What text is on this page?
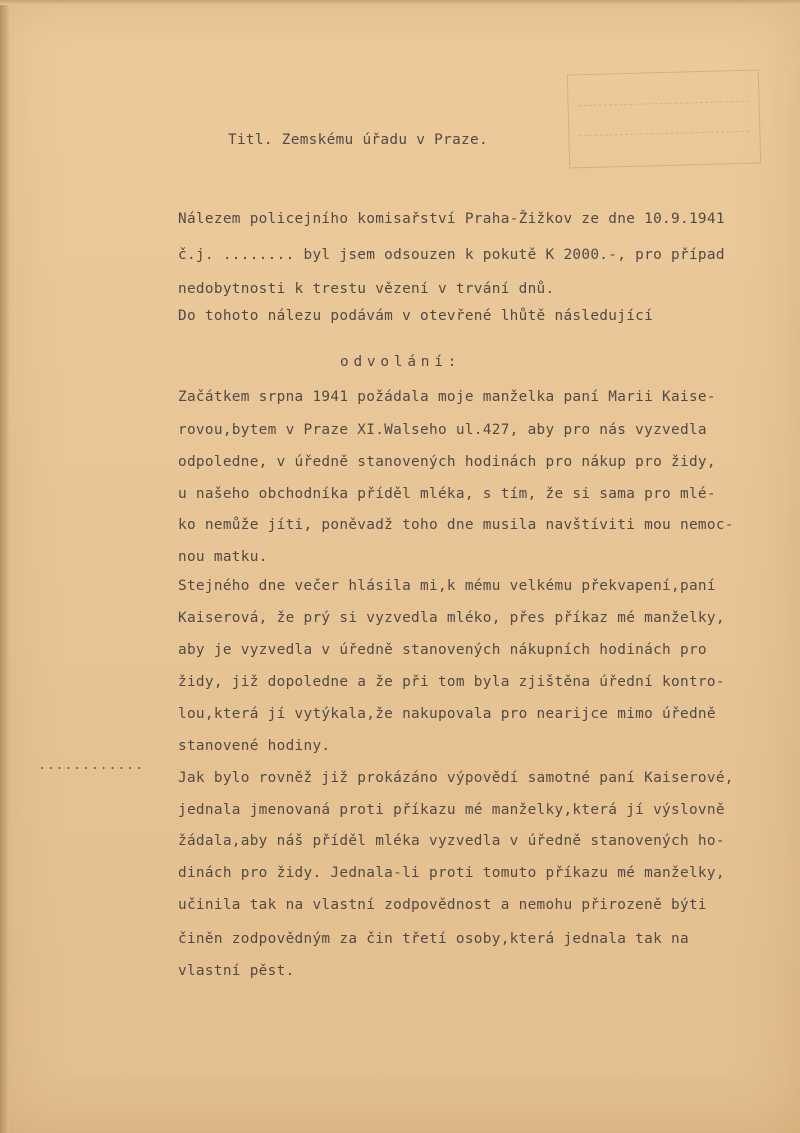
Titl. Zemskému úřadu v Praze.
Nálezem policejního komisařství Praha-Žižkov ze dne 10.9.1941
č.j. ........ byl jsem odsouzen k pokutě K 2000.-, pro případ
nedobytnosti k trestu vězení v trvání dnů.
Do tohoto nálezu podávám v otevřené lhůtě následující
odvolání:
Začátkem srpna 1941 požádala moje manželka paní Marii Kaise-
rovou,bytem v Praze XI.Walseho ul.427, aby pro nás vyzvedla
odpoledne, v úředně stanovených hodinách pro nákup pro židy,
u našeho obchodníka příděl mléka, s tím, že si sama pro mlé-
ko nemůže jíti, poněvadž toho dne musila navštíviti mou nemoc-
nou matku.
Stejného dne večer hlásila mi,k mému velkému překvapení,paní
Kaiserová, že prý si vyzvedla mléko, přes příkaz mé manželky,
aby je vyzvedla v úředně stanovených nákupních hodinách pro
židy, již dopoledne a že při tom byla zjištěna úřední kontro-
lou,která jí vytýkala,že nakupovala pro nearijce mimo úředně
stanovené hodiny.
Jak bylo rovněž již prokázáno výpovědí samotné paní Kaiserové,
jednala jmenovaná proti příkazu mé manželky,která jí výslovně
žádala,aby náš příděl mléka vyzvedla v úředně stanovených ho-
dinách pro židy. Jednala-li proti tomuto příkazu mé manželky,
učinila tak na vlastní zodpovědnost a nemohu přirozeně býti
činěn zodpovědným za čin třetí osoby,která jednala tak na
vlastní pěst.
............
